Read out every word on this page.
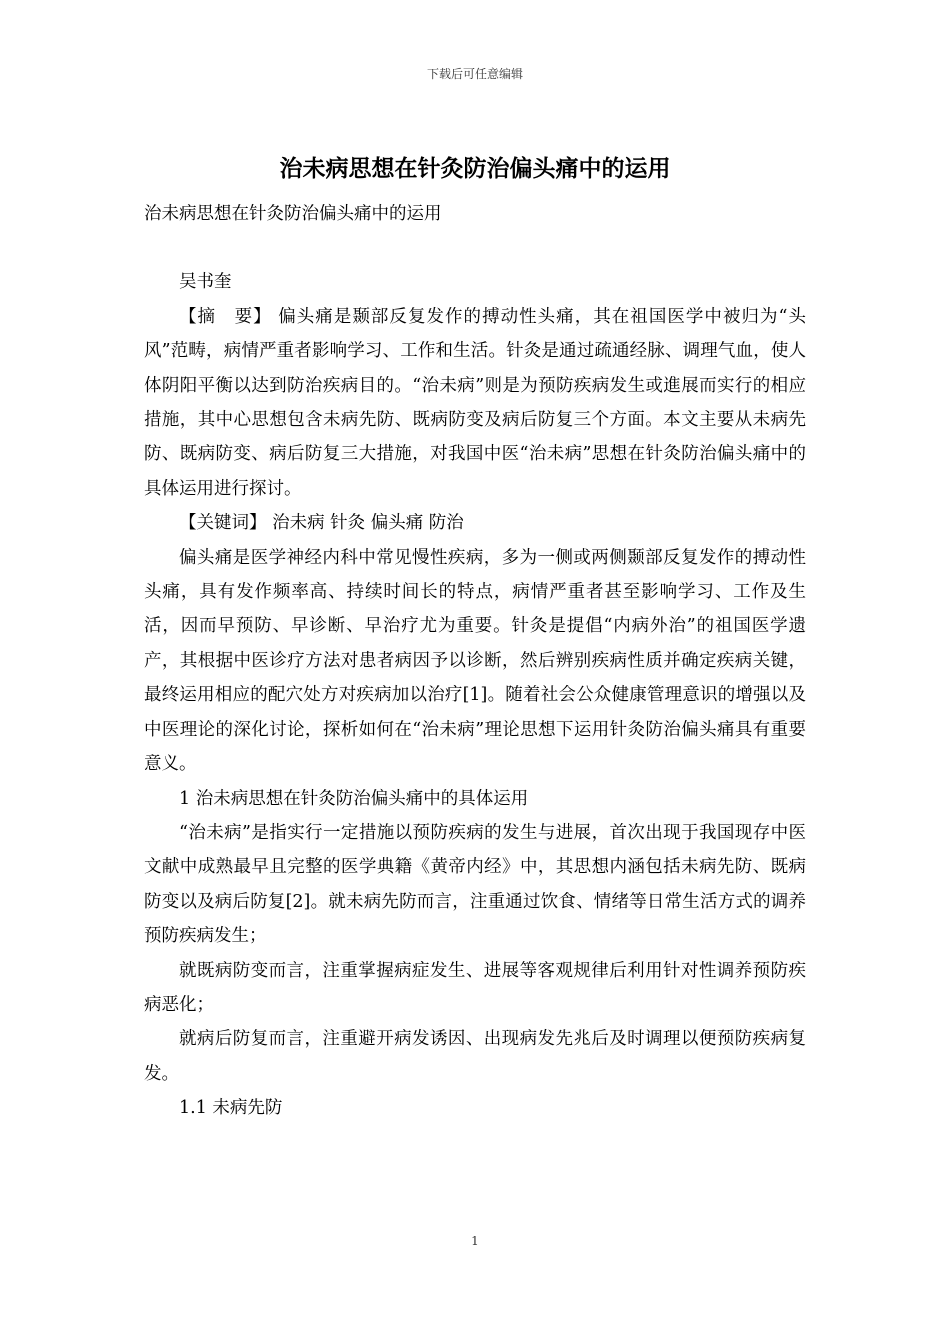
下载后可任意编辑
治未病思想在针灸防治偏头痛中的运用

治未病思想在针灸防治偏头痛中的运用

吴书奎

【摘　要】 偏头痛是颞部反复发作的搏动性头痛，其在祖国医学中被归为“头风”范畴，病情严重者影响学习、工作和生活。针灸是通过疏通经脉、调理气血，使人体阴阳平衡以达到防治疾病目的。“治未病”则是为预防疾病发生或進展而实行的相应措施，其中心思想包含未病先防、既病防变及病后防复三个方面。本文主要从未病先防、既病防变、病后防复三大措施，对我国中医“治未病”思想在针灸防治偏头痛中的具体运用进行探讨。

【关键词】 治未病 针灸 偏头痛 防治

偏头痛是医学神经内科中常见慢性疾病，多为一侧或两侧颞部反复发作的搏动性头痛，具有发作频率高、持续时间长的特点，病情严重者甚至影响学习、工作及生活，因而早预防、早诊断、早治疗尤为重要。针灸是提倡“内病外治”的祖国医学遗产，其根据中医诊疗方法对患者病因予以诊断，然后辨别疾病性质并确定疾病关键，最终运用相应的配穴处方对疾病加以治疗[1]。随着社会公众健康管理意识的增强以及中医理论的深化讨论，探析如何在“治未病”理论思想下运用针灸防治偏头痛具有重要意义。

1 治未病思想在针灸防治偏头痛中的具体运用

“治未病”是指实行一定措施以预防疾病的发生与进展，首次出现于我国现存中医文献中成熟最早且完整的医学典籍《黄帝内经》中，其思想内涵包括未病先防、既病防变以及病后防复[2]。就未病先防而言，注重通过饮食、情绪等日常生活方式的调养预防疾病发生；

就既病防变而言，注重掌握病症发生、进展等客观规律后利用针对性调养预防疾病恶化；

就病后防复而言，注重避开病发诱因、出现病发先兆后及时调理以便预防疾病复发。

1.1 未病先防

1
